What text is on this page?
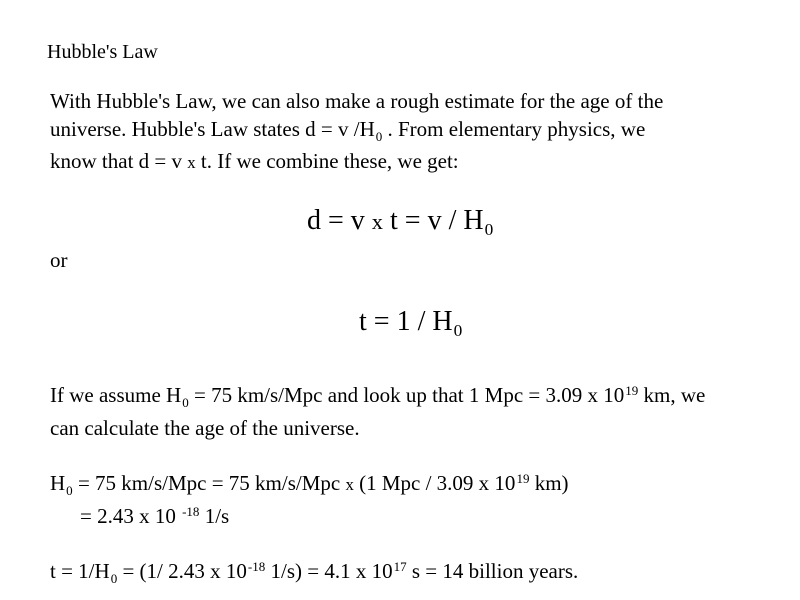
Hubble's Law
With Hubble's Law, we can also make a rough estimate for the age of the
universe. Hubble's Law states d = v $/H_0$ . From elementary physics, we
know that d = v x t. If we combine these, we get:
d = v x $t = v / H_0$
or
$t = 1 / H_0$
If we assume $H_0 = 75$ km/s/Mpc and look up that 1 Mpc = 3.09 x $10^{19}$ km, we
can calculate the age of the universe.
$H_0 = 75$ km/s/Mpc = 75 km/s/Mpc x (1 Mpc / 3.09 x $10^{19}$ km)
= 2.43 x 10 $^{-18}$ 1/s
$t = 1/H_0 = (1/$ 2.43 x $10^{-18}$ 1/s) = 4.1 x $10^{17}$ s = 14 billion years.
